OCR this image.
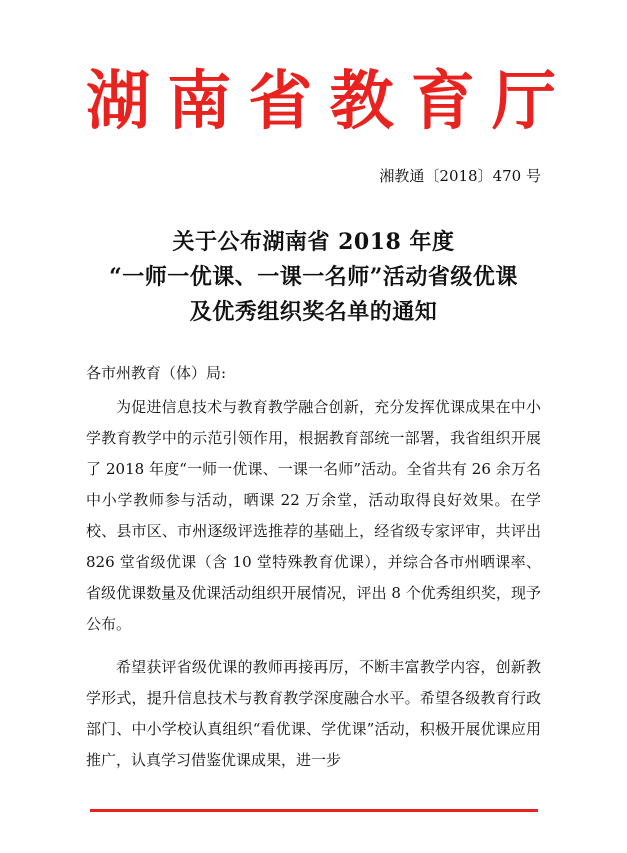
湖 南 省 教 育 厅
湘教通〔2018〕470 号
关于公布湖南省 2018 年度
“一师一优课、一课一名师”活动省级优课
及优秀组织奖名单的通知
各市州教育（体）局:
为促进信息技术与教育教学融合创新，充分发挥优课成果在中小学教育教学中的示范引领作用，根据教育部统一部署，我省组织开展了 2018 年度“一师一优课、一课一名师”活动。全省共有 26 余万名中小学教师参与活动，晒课 22 万余堂，活动取得良好效果。在学校、县市区、市州逐级评选推荐的基础上，经省级专家评审，共评出 826 堂省级优课（含 10 堂特殊教育优课），并综合各市州晒课率、省级优课数量及优课活动组织开展情况，评出 8 个优秀组织奖，现予公布。
希望获评省级优课的教师再接再厉，不断丰富教学内容，创新教学形式，提升信息技术与教育教学深度融合水平。希望各级教育行政部门、中小学校认真组织“看优课、学优课”活动，积极开展优课应用推广，认真学习借鉴优课成果，进一步
